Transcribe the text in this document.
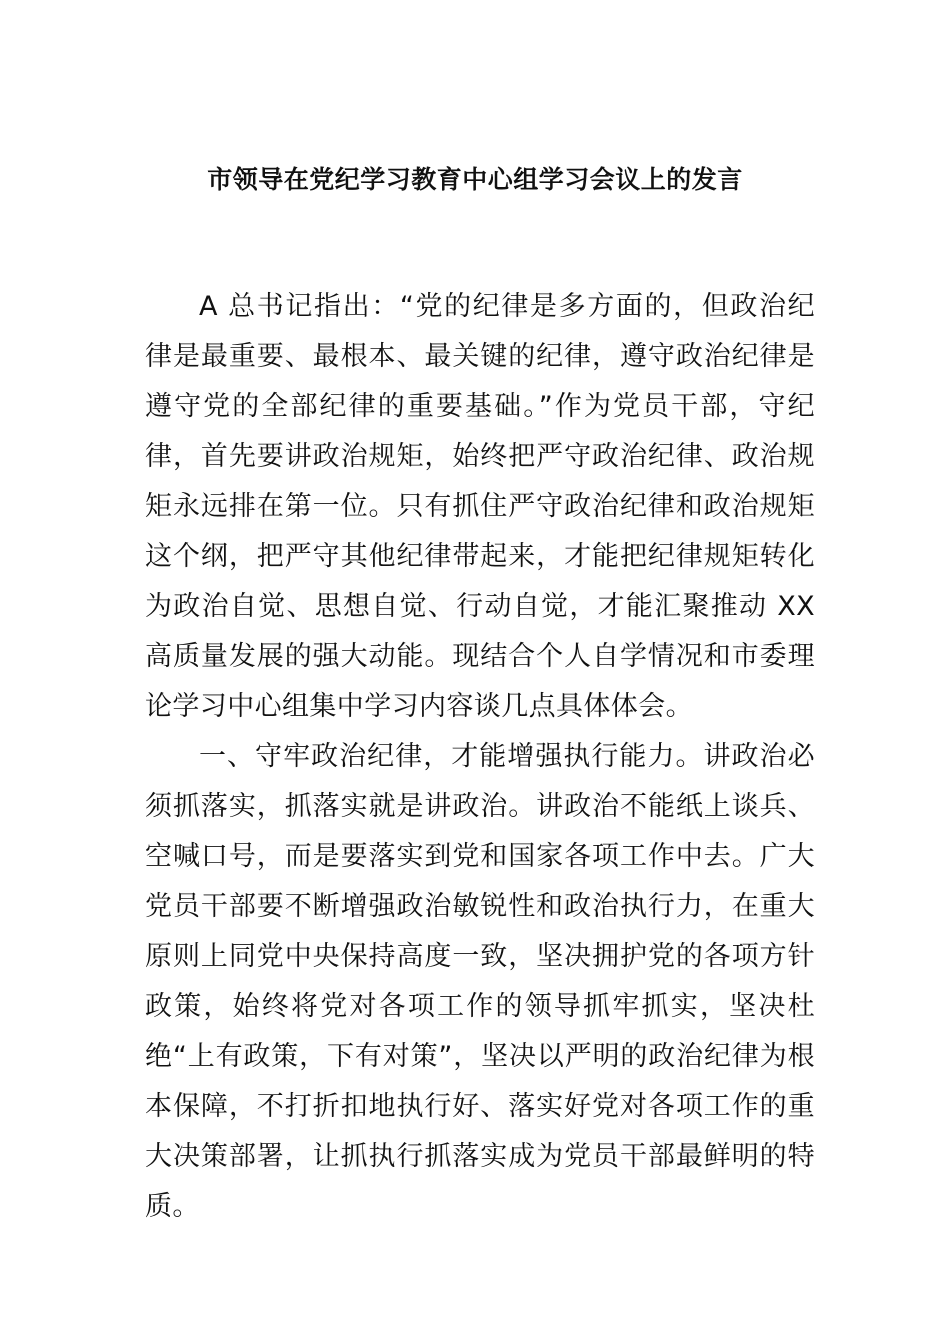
市领导在党纪学习教育中心组学习会议上的发言

A 总书记指出：“党的纪律是多方面的，但政治纪律是最重要、最根本、最关键的纪律，遵守政治纪律是遵守党的全部纪律的重要基础。”作为党员干部，守纪律，首先要讲政治规矩，始终把严守政治纪律、政治规矩永远排在第一位。只有抓住严守政治纪律和政治规矩这个纲，把严守其他纪律带起来，才能把纪律规矩转化为政治自觉、思想自觉、行动自觉，才能汇聚推动 XX 高质量发展的强大动能。现结合个人自学情况和市委理论学习中心组集中学习内容谈几点具体体会。

一、守牢政治纪律，才能增强执行能力。讲政治必须抓落实，抓落实就是讲政治。讲政治不能纸上谈兵、空喊口号，而是要落实到党和国家各项工作中去。广大党员干部要不断增强政治敏锐性和政治执行力，在重大原则上同党中央保持高度一致，坚决拥护党的各项方针政策，始终将党对各项工作的领导抓牢抓实，坚决杜绝“上有政策，下有对策”，坚决以严明的政治纪律为根本保障，不打折扣地执行好、落实好党对各项工作的重大决策部署，让抓执行抓落实成为党员干部最鲜明的特质。
